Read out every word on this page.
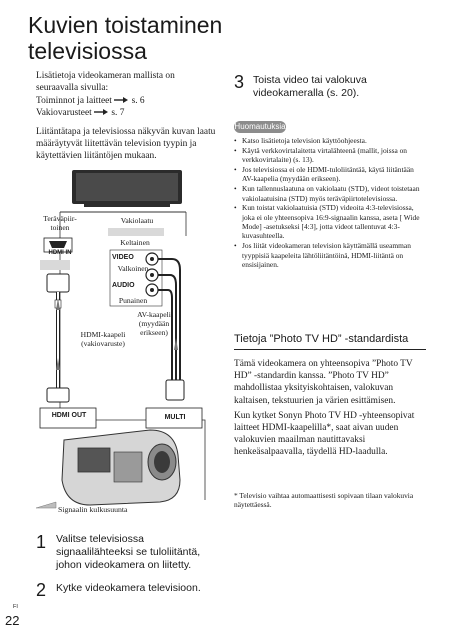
Kuvien toistaminen
televisiossa

Lisätietoja videokameran mallista on
seuraavalla sivulla:
Toiminnot ja laitteet s. 6
Vakiovarusteet s. 7

Liitäntätapa ja televisiossa näkyvän kuvan laatu määräytyvät liitettävän television tyypin ja käytettävien liitäntöjen mukaan.

Teräväpiir-
toinen
Vakiolaatu
HDMI IN
Keltainen
VIDEO
Valkoinen
AUDIO
Punainen
HDMI-kaapeli
(vakiovaruste)
AV-kaapeli
(myydään
erikseen)
HDMI OUT	MULTI
Signaalin kulkusuunta
1 Valitse televisiossa
signaalilähteeksi se tuloliitäntä,
johon videokamera on liitetty.
2 Kytke videokamera televisioon.
3 Toista video tai valokuva
videokameralla (s. 20).
Huomautuksia
• Katso lisätietoja television käyttöohjeesta.
• Käytä verkkovirtalaitetta virtalähteenä (mallit, joissa on verkkovirtalaite) (s. 13).
• Jos televisiossa ei ole HDMI-tuloliitäntää, käytä liitäntään AV-kaapelia (myydään erikseen).
• Kun tallennuslaatuna on vakiolaatu (STD), videot toistetaan vakiolaatuisina (STD) myös teräväpiirtotelevisiossa.
• Kun toistat vakiolaatuisia (STD) videoita 4:3-televisiossa, joka ei ole yhteensopiva 16:9-signaalin kanssa, aseta [ Wide Mode] -asetukseksi [4:3], jotta videot tallentuvat 4:3-kuvasuhteella.
• Jos liität videokameran television käyttämällä useamman tyyppisiä kaapeleita lähtöliitäntöinä, HDMI-liitäntä on ensisijainen.
Tietoja ”Photo TV HD” -standardista

Tämä videokamera on yhteensopiva ”Photo TV HD” -standardin kanssa. ”Photo TV HD” mahdollistaa yksityiskohtaisen, valokuvan kaltaisen, tekstuurien ja värien esittämisen.

Kun kytket Sonyn Photo TV HD -yhteensopivat laitteet HDMI-kaapelilla*, saat aivan uuden valokuvien maailman nautittavaksi henkeäsalpaavalla, täydellä HD-laadulla.

* Televisio vaihtaa automaattisesti sopivaan tilaan valokuvia näytettäessä.
FI
22
